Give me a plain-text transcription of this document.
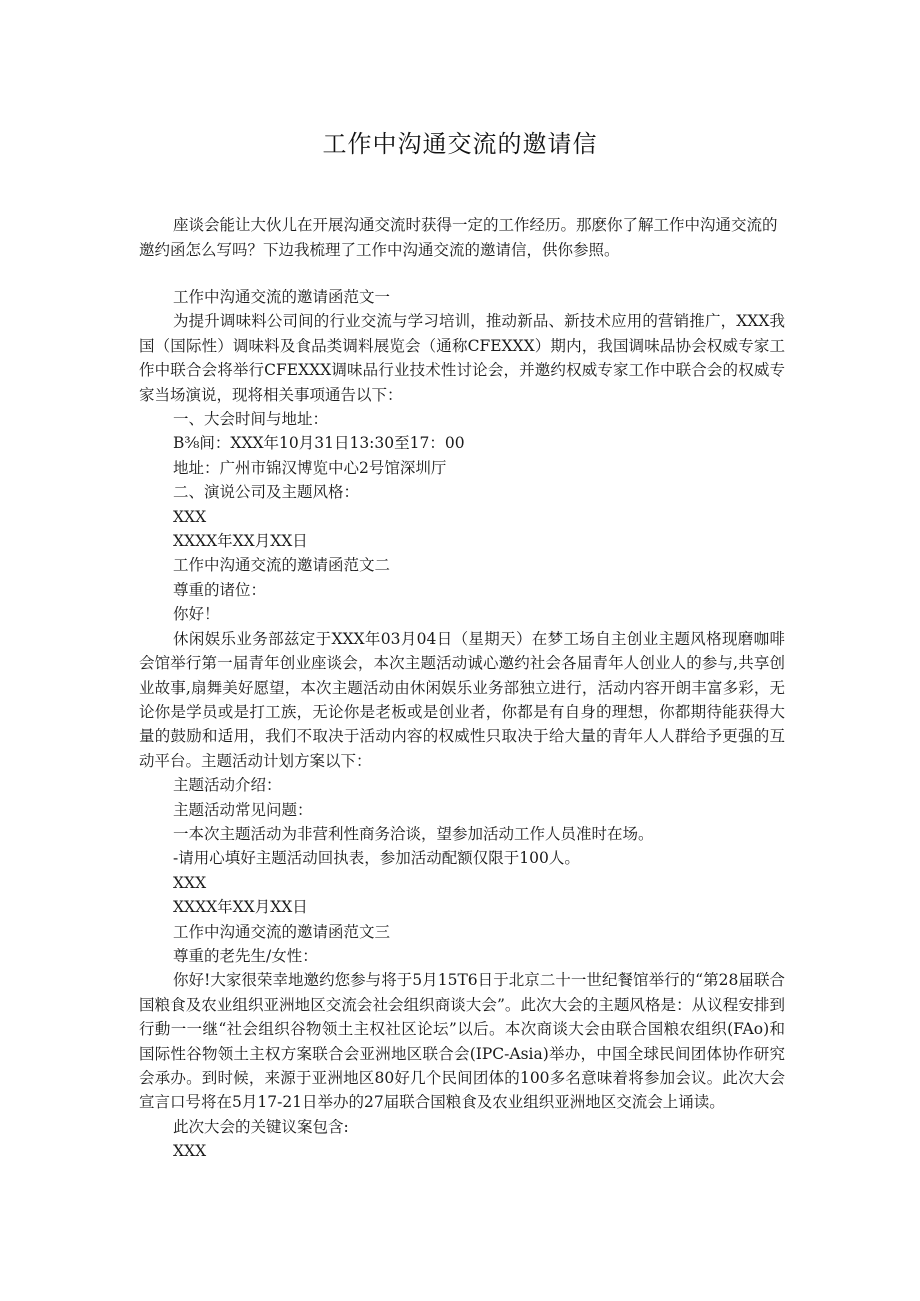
工作中沟通交流的邀请信

座谈会能让大伙儿在开展沟通交流时获得一定的工作经历。那麽你了解工作中沟通交流的邀约函怎么写吗？下边我梳理了工作中沟通交流的邀请信，供你参照。

工作中沟通交流的邀请函范文一

为提升调味料公司间的行业交流与学习培训，推动新品、新技术应用的营销推广，XXX我国（国际性）调味料及食品类调料展览会（通称CFEXXX）期内，我国调味品协会权威专家工作中联合会将举行CFEXXX调味品行业技术性讨论会，并邀约权威专家工作中联合会的权威专家当场演说，现将相关事项通告以下：

一、大会时间与地址：

B⅜间：XXX年10月31日13:30至17：00

地址：广州市锦汉博览中心2号馆深圳厅

二、演说公司及主题风格：

XXX

XXXX年XX月XX日

工作中沟通交流的邀请函范文二

尊重的诸位：

你好！

休闲娱乐业务部兹定于XXX年03月04日（星期天）在梦工场自主创业主题风格现磨咖啡会馆举行第一届青年创业座谈会，本次主题活动诚心邀约社会各届青年人创业人的参与,共享创业故事,扇舞美好愿望，本次主题活动由休闲娱乐业务部独立进行，活动内容开朗丰富多彩，无论你是学员或是打工族，无论你是老板或是创业者，你都是有自身的理想，你都期待能获得大量的鼓励和适用，我们不取决于活动内容的权威性只取决于给大量的青年人人群给予更强的互动平台。主题活动计划方案以下：

主题活动介绍：

主题活动常见问题：

一本次主题活动为非营利性商务洽谈，望参加活动工作人员准时在场。

-请用心填好主题活动回执表，参加活动配额仅限于100人。

XXX

XXXX年XX月XX日

工作中沟通交流的邀请函范文三

尊重的老先生/女性：

你好!大家很荣幸地邀约您参与将于5月15T6日于北京二十一世纪餐馆举行的“第28届联合国粮食及农业组织亚洲地区交流会社会组织商谈大会”。此次大会的主题风格是：从议程安排到行動一一继“社会组织谷物领土主权社区论坛”以后。本次商谈大会由联合国粮农组织(FAo)和国际性谷物领土主权方案联合会亚洲地区联合会(IPC-Asia)举办，中国全球民间团体协作研究会承办。到时候，来源于亚洲地区80好几个民间团体的100多名意味着将参加会议。此次大会宣言口号将在5月17-21日举办的27届联合国粮食及农业组织亚洲地区交流会上诵读。

此次大会的关键议案包含:

XXX
